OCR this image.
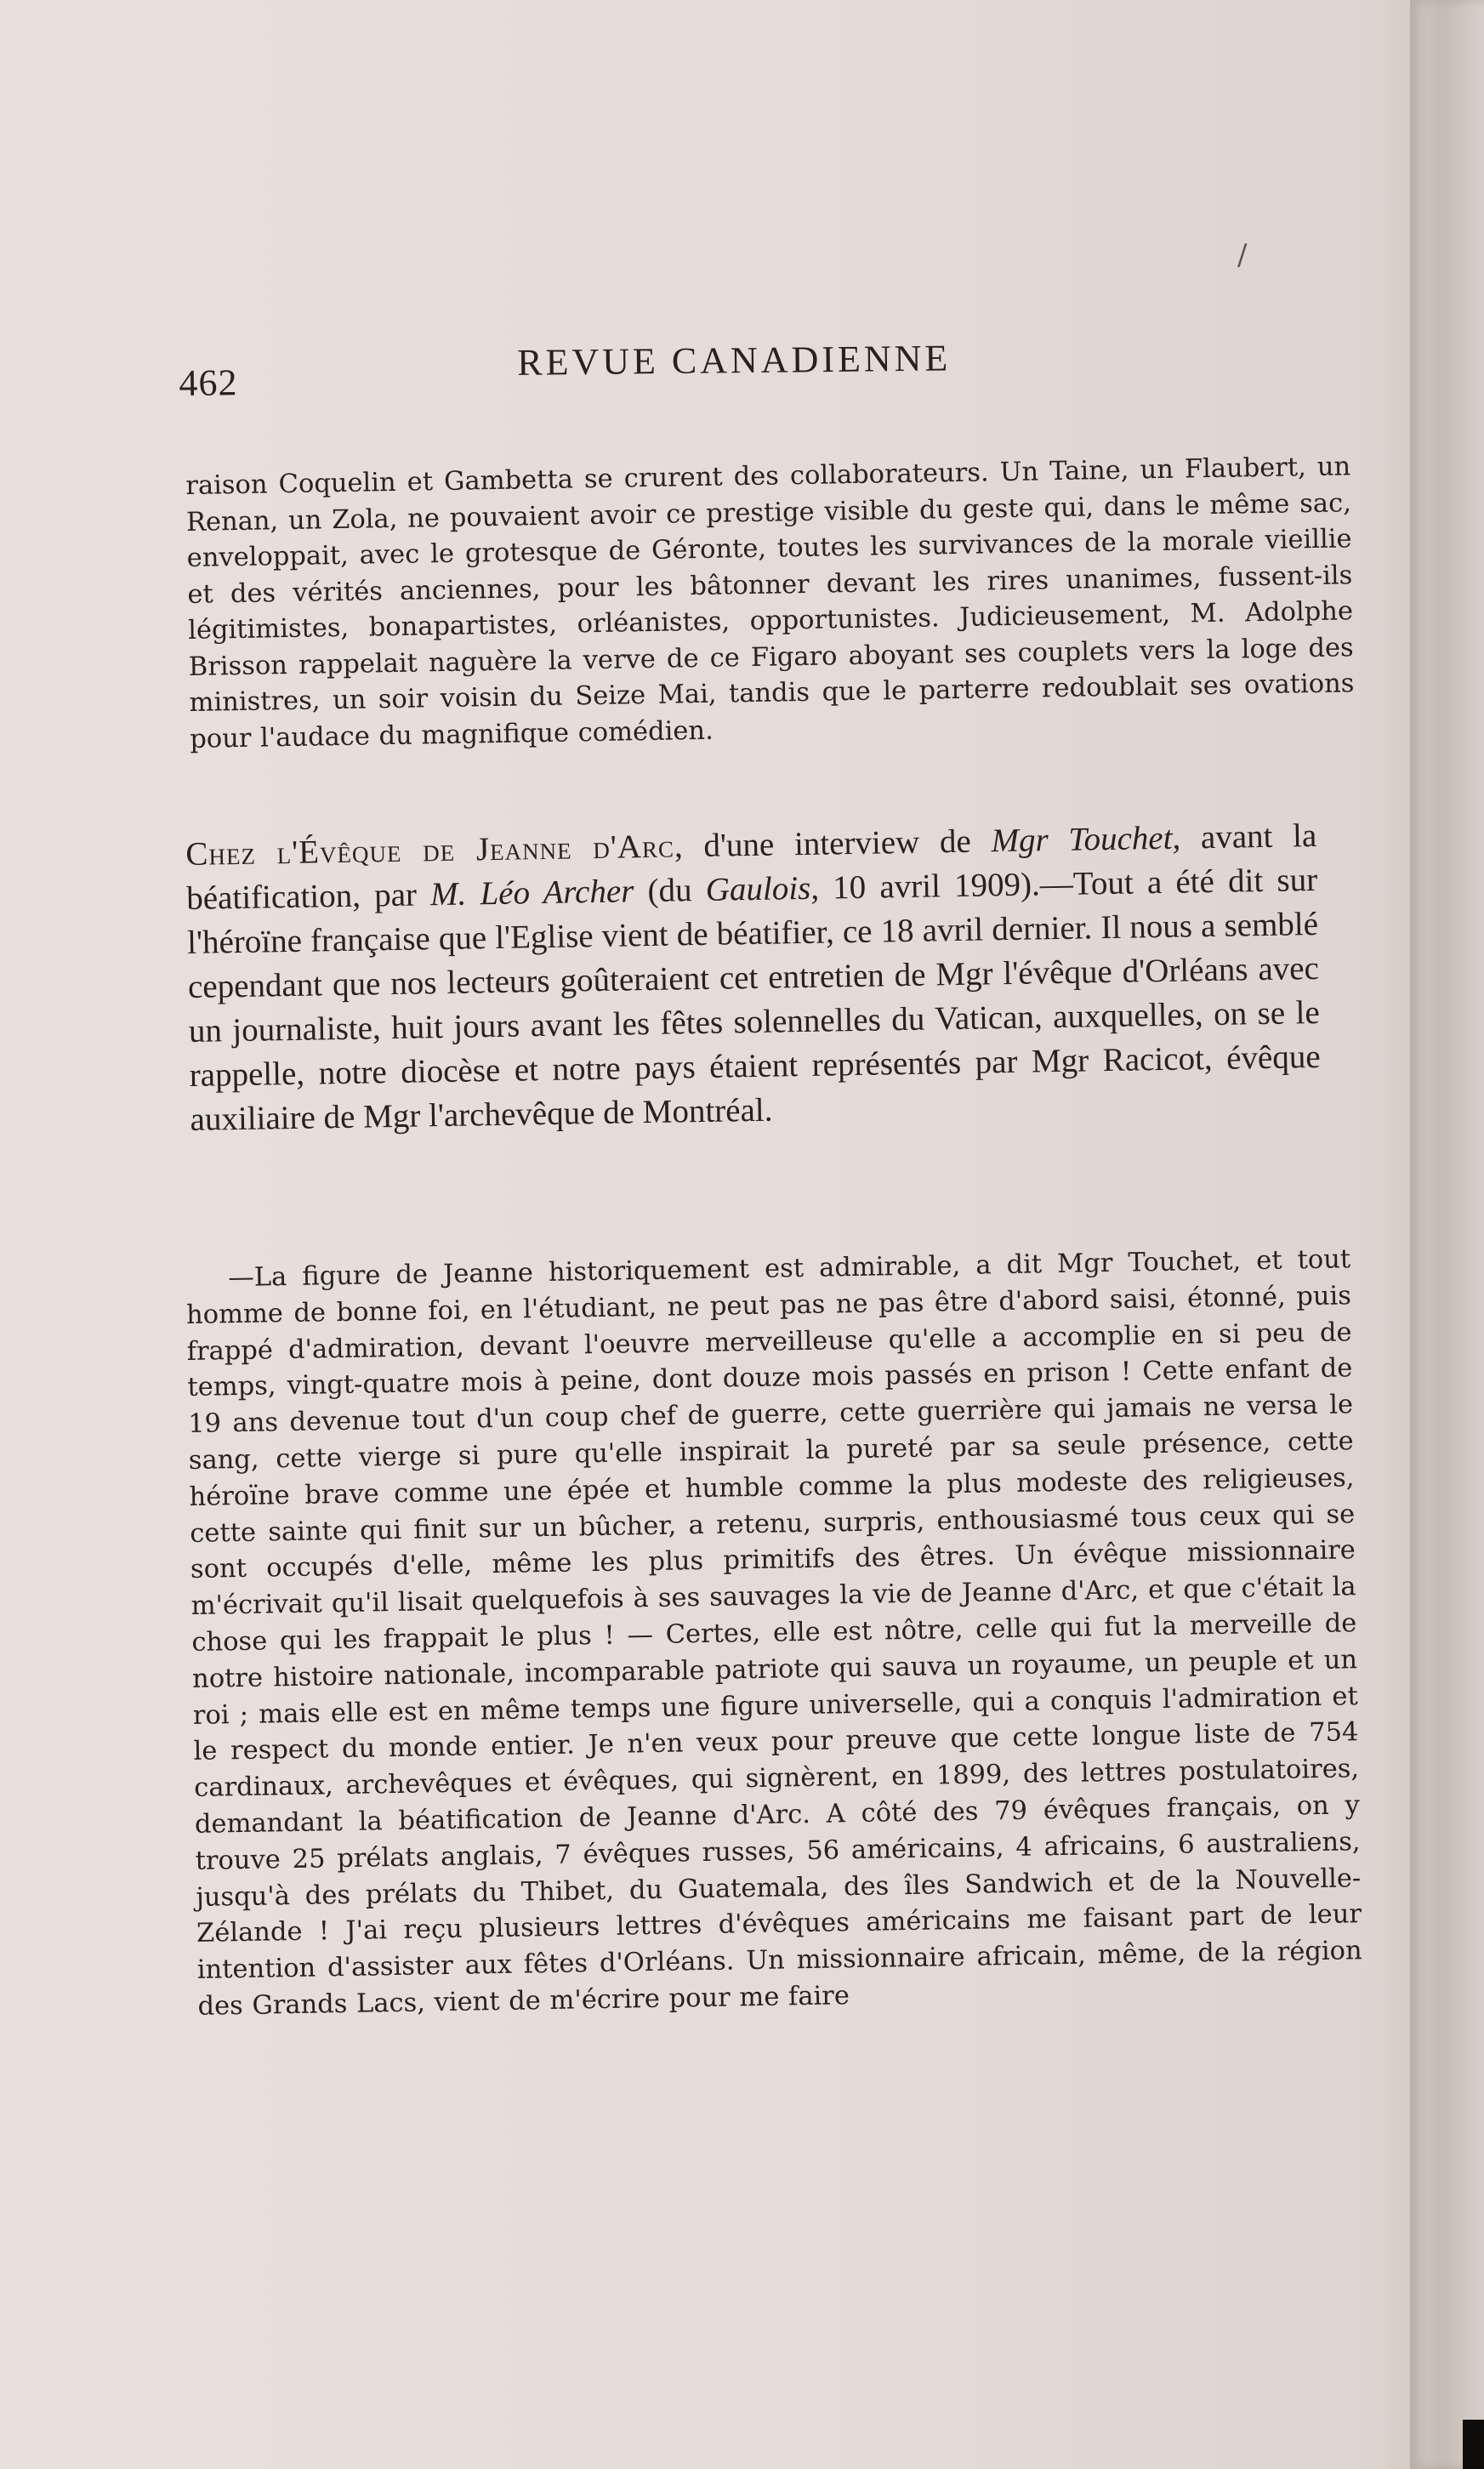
/
462	REVUE CANADIENNE

raison Coquelin et Gambetta se crurent des collaborateurs. Un Taine, un Flaubert, un Renan, un Zola, ne pouvaient avoir ce prestige visible du geste qui, dans le même sac, enveloppait, avec le grotesque de Géronte, toutes les survivances de la morale vieillie et des vérités anciennes, pour les bâtonner devant les rires unanimes, fussent-ils légitimistes, bonapartistes, orléanistes, opportunistes. Judicieusement, M. Adolphe Brisson rappelait naguère la verve de ce Figaro aboyant ses couplets vers la loge des ministres, un soir voisin du Seize Mai, tandis que le parterre redoublait ses ovations pour l'audace du magnifique comédien.

Chez l'Évêque de Jeanne d'Arc, d'une interview de Mgr Touchet, avant la béatification, par M. Léo Archer (du Gaulois, 10 avril 1909).—Tout a été dit sur l'héroïne française que l'Eglise vient de béatifier, ce 18 avril dernier. Il nous a semblé cependant que nos lecteurs goûteraient cet entretien de Mgr l'évêque d'Orléans avec un journaliste, huit jours avant les fêtes solennelles du Vatican, auxquelles, on se le rappelle, notre diocèse et notre pays étaient représentés par Mgr Racicot, évêque auxiliaire de Mgr l'archevêque de Montréal.

—La figure de Jeanne historiquement est admirable, a dit Mgr Touchet, et tout homme de bonne foi, en l'étudiant, ne peut pas ne pas être d'abord saisi, étonné, puis frappé d'admiration, devant l'oeuvre merveilleuse qu'elle a accomplie en si peu de temps, vingt-quatre mois à peine, dont douze mois passés en prison ! Cette enfant de 19 ans devenue tout d'un coup chef de guerre, cette guerrière qui jamais ne versa le sang, cette vierge si pure qu'elle inspirait la pureté par sa seule présence, cette héroïne brave comme une épée et humble comme la plus modeste des religieuses, cette sainte qui finit sur un bûcher, a retenu, surpris, enthousiasmé tous ceux qui se sont occupés d'elle, même les plus primitifs des êtres. Un évêque missionnaire m'écrivait qu'il lisait quelquefois à ses sauvages la vie de Jeanne d'Arc, et que c'était la chose qui les frappait le plus ! — Certes, elle est nôtre, celle qui fut la merveille de notre histoire nationale, incomparable patriote qui sauva un royaume, un peuple et un roi ; mais elle est en même temps une figure universelle, qui a conquis l'admiration et le respect du monde entier. Je n'en veux pour preuve que cette longue liste de 754 cardinaux, archevêques et évêques, qui signèrent, en 1899, des lettres postulatoires, demandant la béatification de Jeanne d'Arc. A côté des 79 évêques français, on y trouve 25 prélats anglais, 7 évêques russes, 56 américains, 4 africains, 6 australiens, jusqu'à des prélats du Thibet, du Guatemala, des îles Sandwich et de la Nouvelle-Zélande ! J'ai reçu plusieurs lettres d'évêques américains me faisant part de leur intention d'assister aux fêtes d'Orléans. Un missionnaire africain, même, de la région des Grands Lacs, vient de m'écrire pour me faire
